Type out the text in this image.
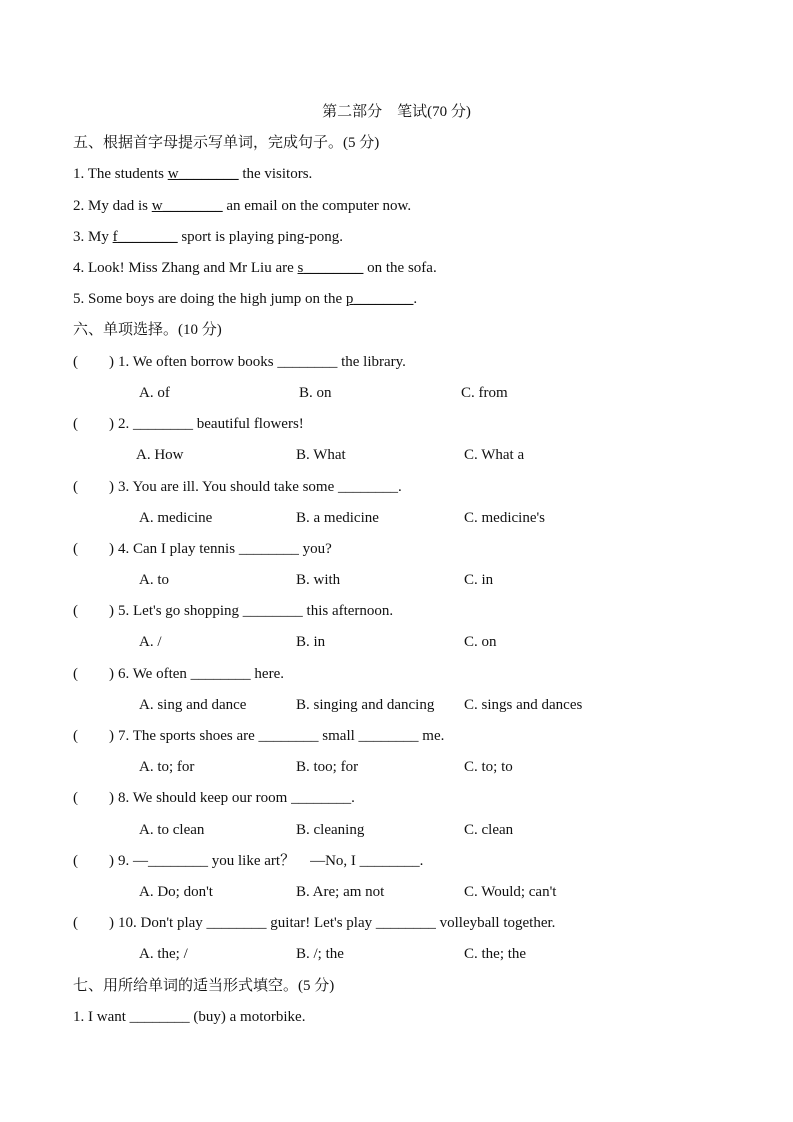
第二部分　笔试(70 分)
五、根据首字母提示写单词，完成句子。(5 分)
1. The students w________ the visitors.
2. My dad is w________ an email on the computer now.
3. My f________ sport is playing ping-pong.
4. Look! Miss Zhang and Mr Liu are s________ on the sofa.
5. Some boys are doing the high jump on the p________.
六、单项选择。(10 分)
( ) 1. We often borrow books ________ the library.
A. of	B. on	C. from
( ) 2. ________ beautiful flowers!
A. How	B. What	C. What a
( ) 3. You are ill. You should take some ________.
A. medicine	B. a medicine	C. medicine's
( ) 4. Can I play tennis ________ you?
A. to	B. with	C. in
( ) 5. Let's go shopping ________ this afternoon.
A. /	B. in	C. on
( ) 6. We often ________ here.
A. sing and dance	B. singing and dancing C. sings and dances
( ) 7. The sports shoes are ________ small ________ me.
A. to; for	B. too; for	C. to; to
( ) 8. We should keep our room ________.
A. to clean	B. cleaning	C. clean
( ) 9. —________ you like art？　—No, I ________.
A. Do; don't	B. Are; am not	C. Would; can't
( ) 10. Don't play ________ guitar! Let's play ________ volleyball together.
A. the; /	B. /; the	C. the; the
七、用所给单词的适当形式填空。(5 分)
1. I want ________ (buy) a motorbike.
